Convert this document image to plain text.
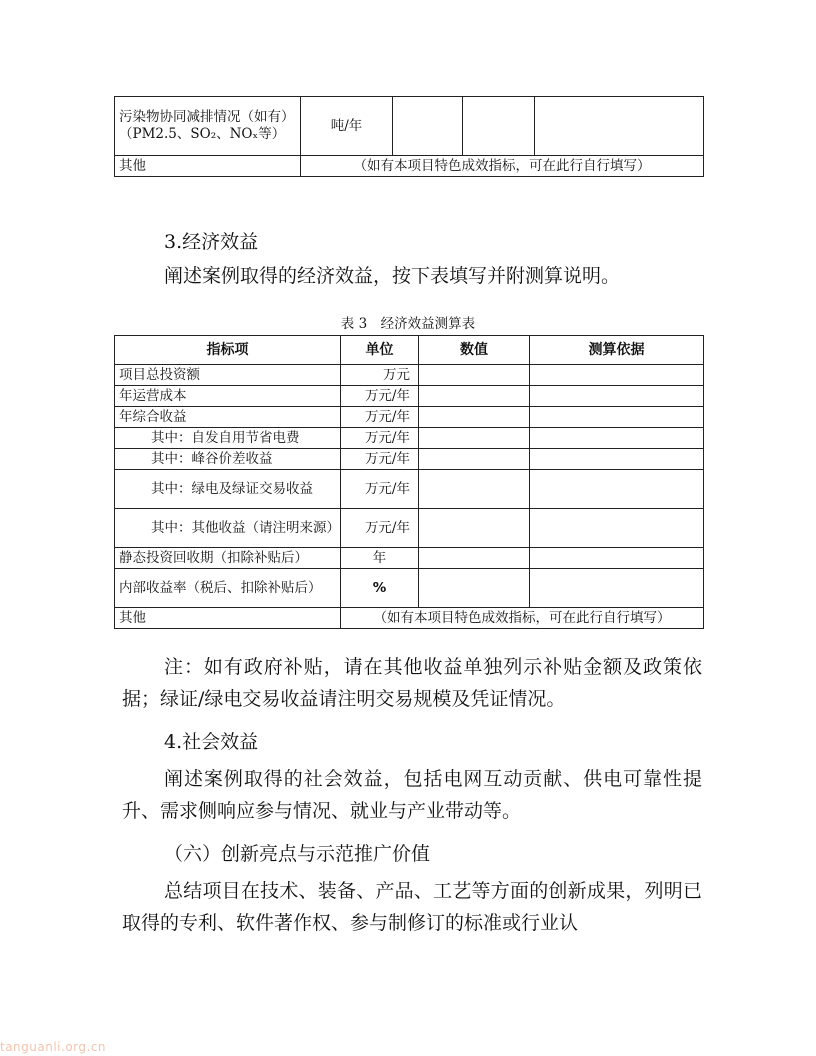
污染物协同减排情况（如有）（PM2.5、SO₂、NOₓ等）	吨/年			
其他	（如有本项目特色成效指标，可在此行自行填写）			

3.经济效益

阐述案例取得的经济效益，按下表填写并附测算说明。

表 3　经济效益测算表
指标项	单位	数值	测算依据
项目总投资额	万元		
年运营成本	万元/年		
年综合收益	万元/年		
其中：自发自用节省电费	万元/年		
其中：峰谷价差收益	万元/年		
其中：绿电及绿证交易收益	万元/年		
其中：其他收益（请注明来源）	万元/年		
静态投资回收期（扣除补贴后）	年		
内部收益率（税后、扣除补贴后）	%		
其他	（如有本项目特色成效指标，可在此行自行填写）		

注：如有政府补贴，请在其他收益单独列示补贴金额及政策依据；绿证/绿电交易收益请注明交易规模及凭证情况。

4.社会效益

阐述案例取得的社会效益，包括电网互动贡献、供电可靠性提升、需求侧响应参与情况、就业与产业带动等。

（六）创新亮点与示范推广价值

总结项目在技术、装备、产品、工艺等方面的创新成果，列明已取得的专利、软件著作权、参与制修订的标准或行业认

tanguanli.org.cn
